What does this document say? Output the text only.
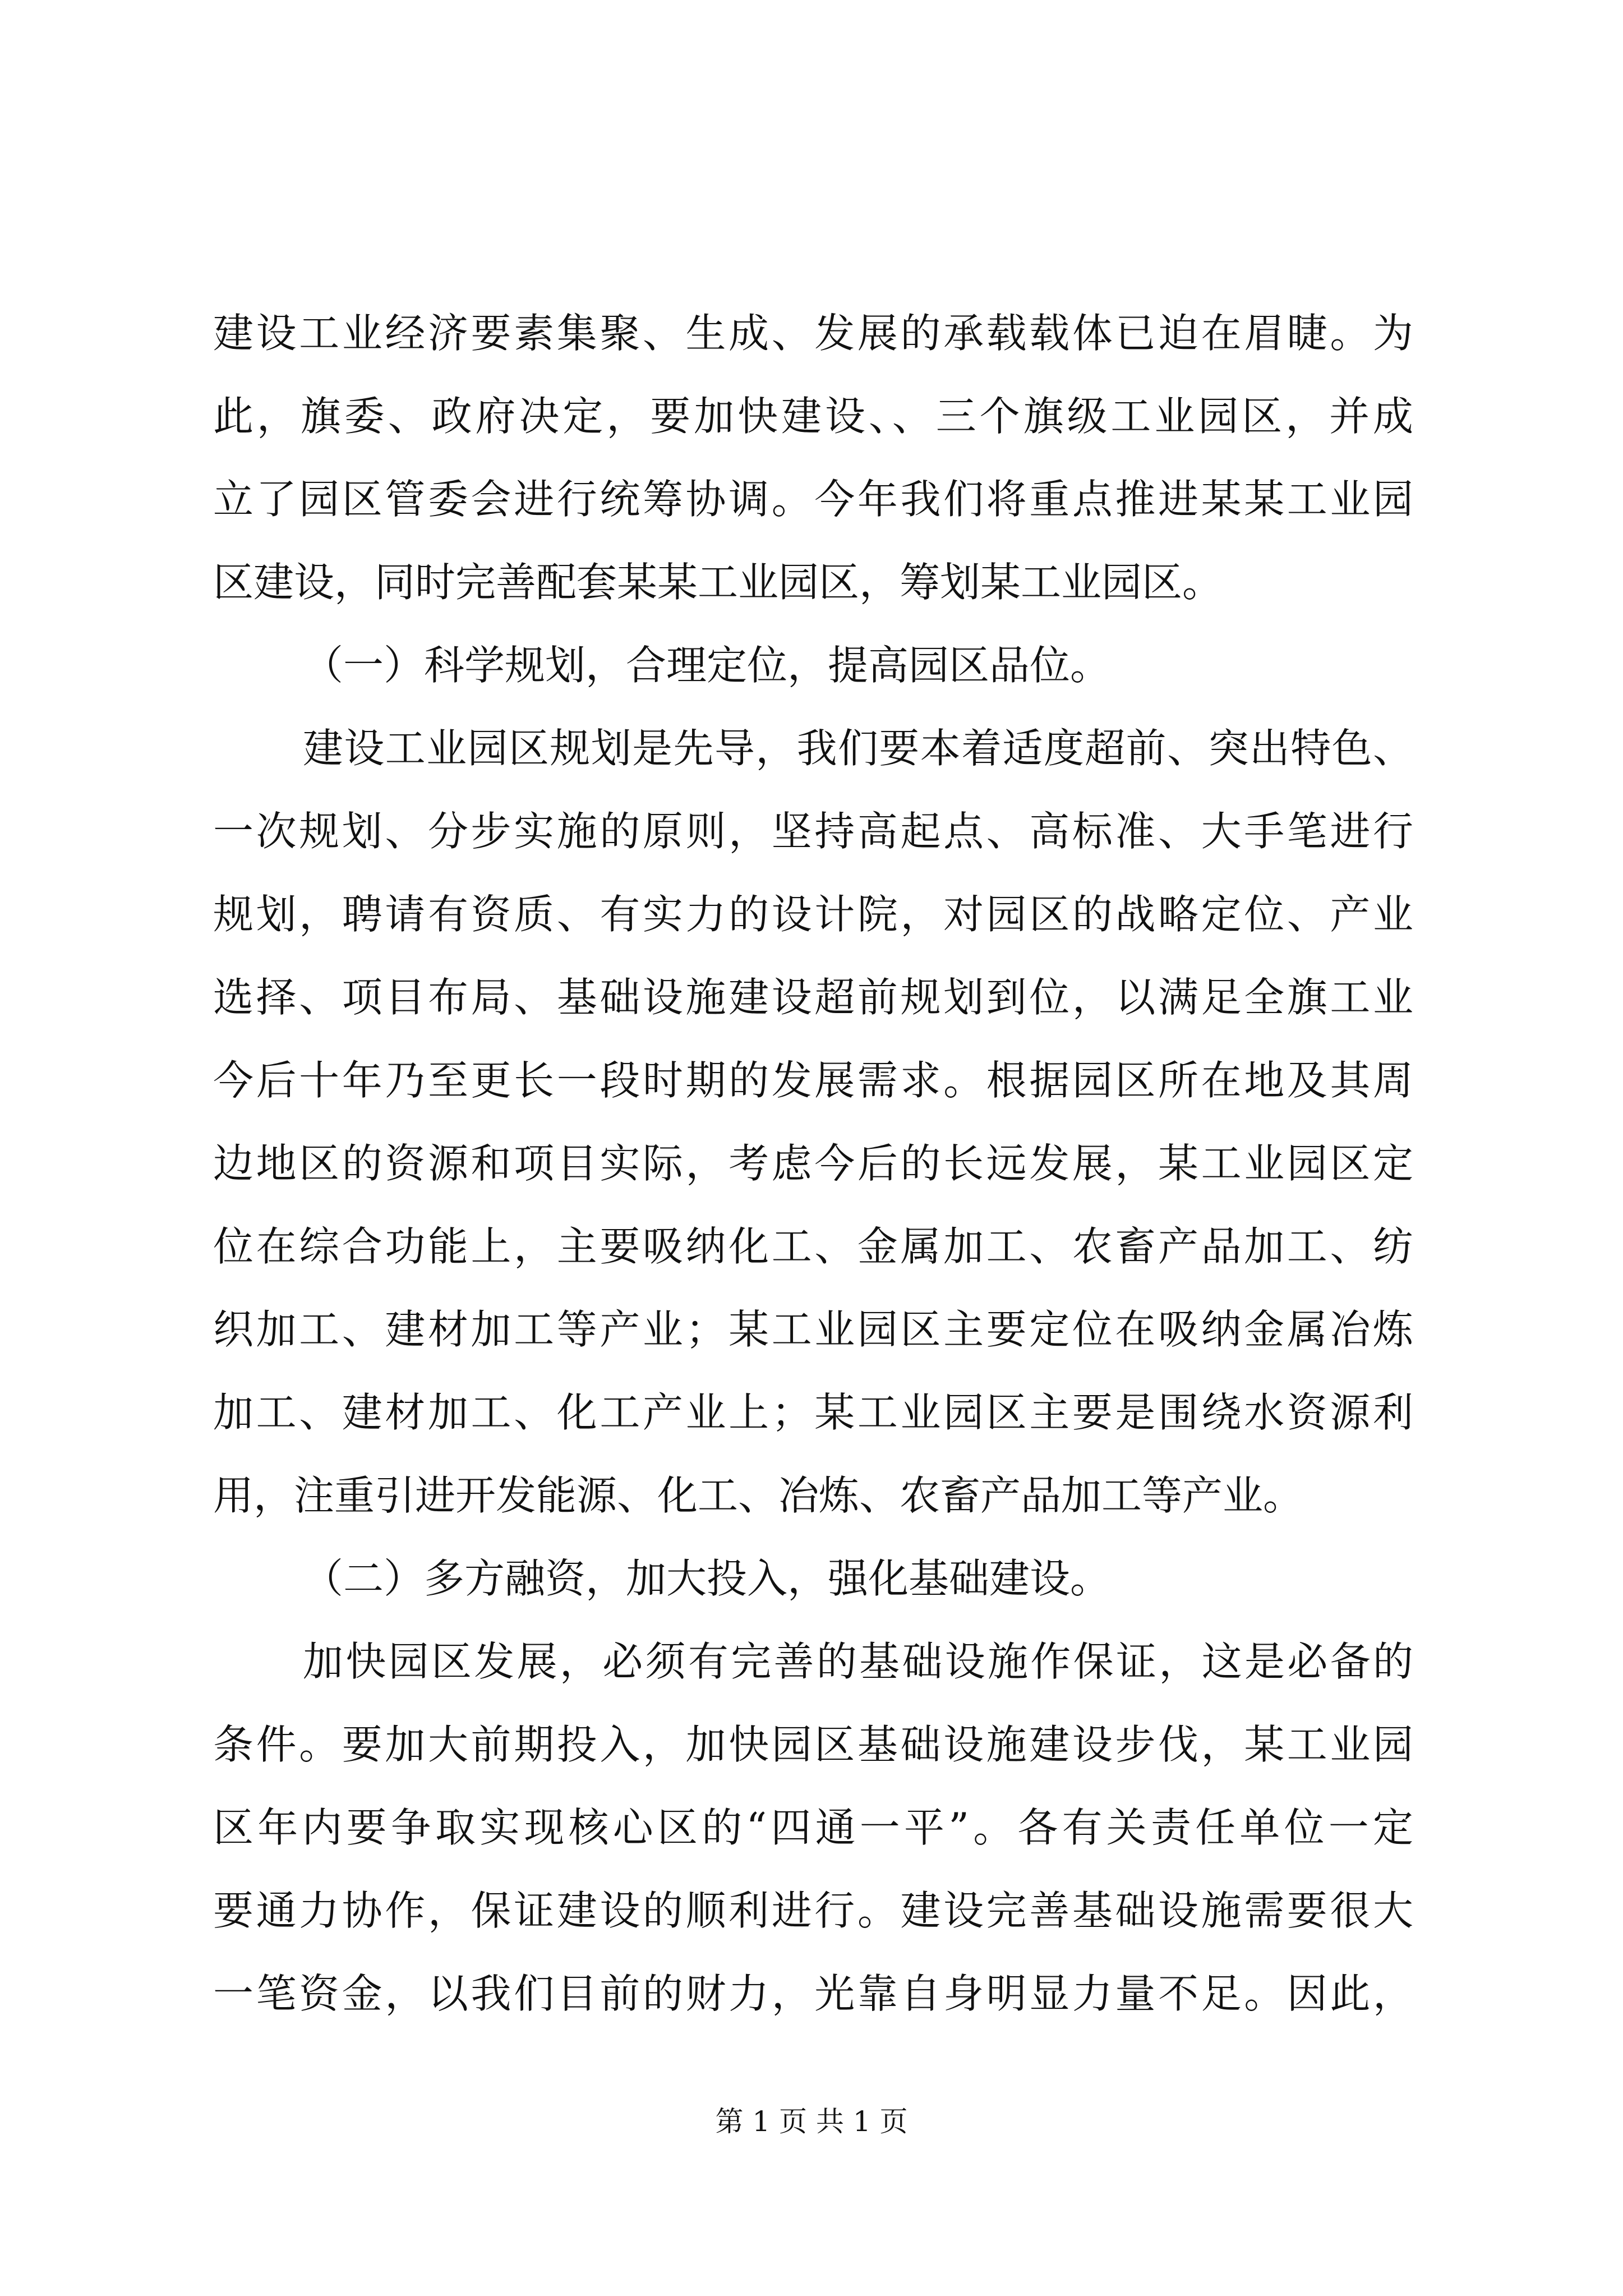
建设工业经济要素集聚、生成、发展的承载载体已迫在眉睫。为
此，旗委、政府决定，要加快建设、、三个旗级工业园区，并成
立了园区管委会进行统筹协调。今年我们将重点推进某某工业园
区建设，同时完善配套某某工业园区，筹划某工业园区。
（一）科学规划，合理定位，提高园区品位。
建设工业园区规划是先导，我们要本着适度超前、突出特色、
一次规划、分步实施的原则，坚持高起点、高标准、大手笔进行
规划，聘请有资质、有实力的设计院，对园区的战略定位、产业
选择、项目布局、基础设施建设超前规划到位，以满足全旗工业
今后十年乃至更长一段时期的发展需求。根据园区所在地及其周
边地区的资源和项目实际，考虑今后的长远发展，某工业园区定
位在综合功能上，主要吸纳化工、金属加工、农畜产品加工、纺
织加工、建材加工等产业；某工业园区主要定位在吸纳金属冶炼
加工、建材加工、化工产业上；某工业园区主要是围绕水资源利
用，注重引进开发能源、化工、冶炼、农畜产品加工等产业。
（二）多方融资，加大投入，强化基础建设。
加快园区发展，必须有完善的基础设施作保证，这是必备的
条件。要加大前期投入，加快园区基础设施建设步伐，某工业园
区年内要争取实现核心区的“四通一平”。各有关责任单位一定
要通力协作，保证建设的顺利进行。建设完善基础设施需要很大
一笔资金，以我们目前的财力，光靠自身明显力量不足。因此，
第 1 页 共 1 页
